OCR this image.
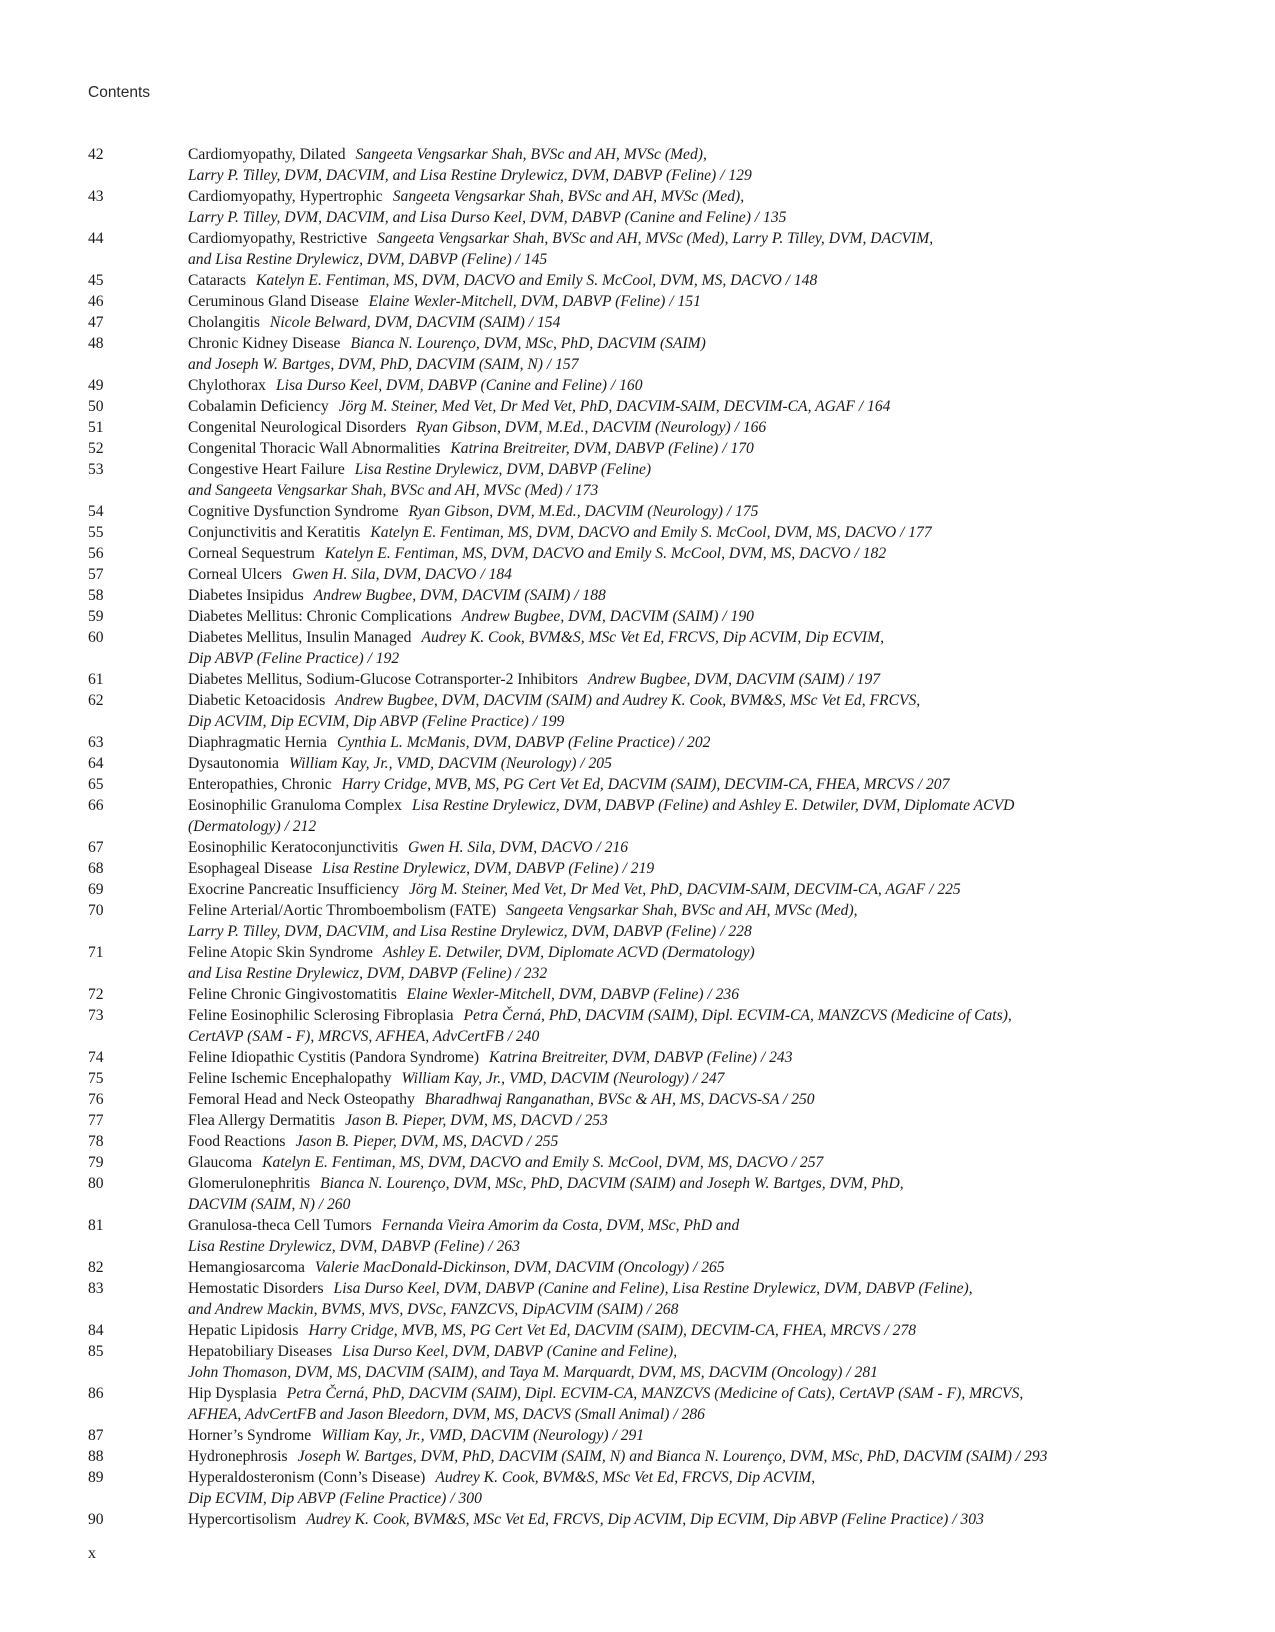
Contents
42	Cardiomyopathy, Dilated Sangeeta Vengsarkar Shah, BVSc and AH, MVSc (Med),
Larry P. Tilley, DVM, DACVIM, and Lisa Restine Drylewicz, DVM, DABVP (Feline) / 129
43	Cardiomyopathy, Hypertrophic Sangeeta Vengsarkar Shah, BVSc and AH, MVSc (Med),
Larry P. Tilley, DVM, DACVIM, and Lisa Durso Keel, DVM, DABVP (Canine and Feline) / 135
44	Cardiomyopathy, Restrictive Sangeeta Vengsarkar Shah, BVSc and AH, MVSc (Med), Larry P. Tilley, DVM, DACVIM,
and Lisa Restine Drylewicz, DVM, DABVP (Feline) / 145
45	Cataracts Katelyn E. Fentiman, MS, DVM, DACVO and Emily S. McCool, DVM, MS, DACVO / 148
46	Ceruminous Gland Disease Elaine Wexler-Mitchell, DVM, DABVP (Feline) / 151
47	Cholangitis Nicole Belward, DVM, DACVIM (SAIM) / 154
48	Chronic Kidney Disease Bianca N. Lourenço, DVM, MSc, PhD, DACVIM (SAIM)
and Joseph W. Bartges, DVM, PhD, DACVIM (SAIM, N) / 157
49	Chylothorax Lisa Durso Keel, DVM, DABVP (Canine and Feline) / 160
50	Cobalamin Deficiency Jörg M. Steiner, Med Vet, Dr Med Vet, PhD, DACVIM-SAIM, DECVIM-CA, AGAF / 164
51	Congenital Neurological Disorders Ryan Gibson, DVM, M.Ed., DACVIM (Neurology) / 166
52	Congenital Thoracic Wall Abnormalities Katrina Breitreiter, DVM, DABVP (Feline) / 170
53	Congestive Heart Failure Lisa Restine Drylewicz, DVM, DABVP (Feline)
and Sangeeta Vengsarkar Shah, BVSc and AH, MVSc (Med) / 173
54	Cognitive Dysfunction Syndrome Ryan Gibson, DVM, M.Ed., DACVIM (Neurology) / 175
55	Conjunctivitis and Keratitis Katelyn E. Fentiman, MS, DVM, DACVO and Emily S. McCool, DVM, MS, DACVO / 177
56	Corneal Sequestrum Katelyn E. Fentiman, MS, DVM, DACVO and Emily S. McCool, DVM, MS, DACVO / 182
57	Corneal Ulcers Gwen H. Sila, DVM, DACVO / 184
58	Diabetes Insipidus Andrew Bugbee, DVM, DACVIM (SAIM) / 188
59	Diabetes Mellitus: Chronic Complications Andrew Bugbee, DVM, DACVIM (SAIM) / 190
60	Diabetes Mellitus, Insulin Managed Audrey K. Cook, BVM&S, MSc Vet Ed, FRCVS, Dip ACVIM, Dip ECVIM,
Dip ABVP (Feline Practice) / 192
61	Diabetes Mellitus, Sodium-Glucose Cotransporter-2 Inhibitors Andrew Bugbee, DVM, DACVIM (SAIM) / 197
62	Diabetic Ketoacidosis Andrew Bugbee, DVM, DACVIM (SAIM) and Audrey K. Cook, BVM&S, MSc Vet Ed, FRCVS,
Dip ACVIM, Dip ECVIM, Dip ABVP (Feline Practice) / 199
63	Diaphragmatic Hernia Cynthia L. McManis, DVM, DABVP (Feline Practice) / 202
64	Dysautonomia William Kay, Jr., VMD, DACVIM (Neurology) / 205
65	Enteropathies, Chronic Harry Cridge, MVB, MS, PG Cert Vet Ed, DACVIM (SAIM), DECVIM-CA, FHEA, MRCVS / 207
66	Eosinophilic Granuloma Complex Lisa Restine Drylewicz, DVM, DABVP (Feline) and Ashley E. Detwiler, DVM, Diplomate ACVD
(Dermatology) / 212
67	Eosinophilic Keratoconjunctivitis Gwen H. Sila, DVM, DACVO / 216
68	Esophageal Disease Lisa Restine Drylewicz, DVM, DABVP (Feline) / 219
69	Exocrine Pancreatic Insufficiency Jörg M. Steiner, Med Vet, Dr Med Vet, PhD, DACVIM-SAIM, DECVIM-CA, AGAF / 225
70	Feline Arterial/Aortic Thromboembolism (FATE) Sangeeta Vengsarkar Shah, BVSc and AH, MVSc (Med),
Larry P. Tilley, DVM, DACVIM, and Lisa Restine Drylewicz, DVM, DABVP (Feline) / 228
71	Feline Atopic Skin Syndrome Ashley E. Detwiler, DVM, Diplomate ACVD (Dermatology)
and Lisa Restine Drylewicz, DVM, DABVP (Feline) / 232
72	Feline Chronic Gingivostomatitis Elaine Wexler-Mitchell, DVM, DABVP (Feline) / 236
73	Feline Eosinophilic Sclerosing Fibroplasia Petra Černá, PhD, DACVIM (SAIM), Dipl. ECVIM-CA, MANZCVS (Medicine of Cats),
CertAVP (SAM - F), MRCVS, AFHEA, AdvCertFB / 240
74	Feline Idiopathic Cystitis (Pandora Syndrome) Katrina Breitreiter, DVM, DABVP (Feline) / 243
75	Feline Ischemic Encephalopathy William Kay, Jr., VMD, DACVIM (Neurology) / 247
76	Femoral Head and Neck Osteopathy Bharadhwaj Ranganathan, BVSc & AH, MS, DACVS-SA / 250
77	Flea Allergy Dermatitis Jason B. Pieper, DVM, MS, DACVD / 253
78	Food Reactions Jason B. Pieper, DVM, MS, DACVD / 255
79	Glaucoma Katelyn E. Fentiman, MS, DVM, DACVO and Emily S. McCool, DVM, MS, DACVO / 257
80	Glomerulonephritis Bianca N. Lourenço, DVM, MSc, PhD, DACVIM (SAIM) and Joseph W. Bartges, DVM, PhD,
DACVIM (SAIM, N) / 260
81	Granulosa-theca Cell Tumors Fernanda Vieira Amorim da Costa, DVM, MSc, PhD and
Lisa Restine Drylewicz, DVM, DABVP (Feline) / 263
82	Hemangiosarcoma Valerie MacDonald-Dickinson, DVM, DACVIM (Oncology) / 265
83	Hemostatic Disorders Lisa Durso Keel, DVM, DABVP (Canine and Feline), Lisa Restine Drylewicz, DVM, DABVP (Feline),
and Andrew Mackin, BVMS, MVS, DVSc, FANZCVS, DipACVIM (SAIM) / 268
84	Hepatic Lipidosis Harry Cridge, MVB, MS, PG Cert Vet Ed, DACVIM (SAIM), DECVIM-CA, FHEA, MRCVS / 278
85	Hepatobiliary Diseases Lisa Durso Keel, DVM, DABVP (Canine and Feline),
John Thomason, DVM, MS, DACVIM (SAIM), and Taya M. Marquardt, DVM, MS, DACVIM (Oncology) / 281
86	Hip Dysplasia Petra Černá, PhD, DACVIM (SAIM), Dipl. ECVIM-CA, MANZCVS (Medicine of Cats), CertAVP (SAM - F), MRCVS,
AFHEA, AdvCertFB and Jason Bleedorn, DVM, MS, DACVS (Small Animal) / 286
87	Horner’s Syndrome William Kay, Jr., VMD, DACVIM (Neurology) / 291
88	Hydronephrosis Joseph W. Bartges, DVM, PhD, DACVIM (SAIM, N) and Bianca N. Lourenço, DVM, MSc, PhD, DACVIM (SAIM) / 293
89	Hyperaldosteronism (Conn’s Disease) Audrey K. Cook, BVM&S, MSc Vet Ed, FRCVS, Dip ACVIM,
Dip ECVIM, Dip ABVP (Feline Practice) / 300
90	Hypercortisolism Audrey K. Cook, BVM&S, MSc Vet Ed, FRCVS, Dip ACVIM, Dip ECVIM, Dip ABVP (Feline Practice) / 303
x
